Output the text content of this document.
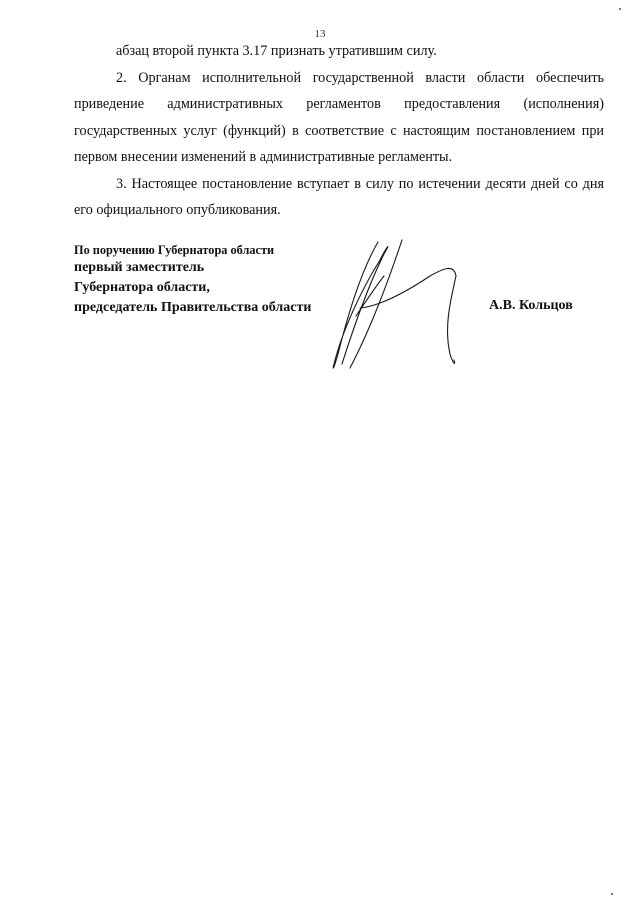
13

абзац второй пункта 3.17 признать утратившим силу.

2. Органам исполнительной государственной власти области обеспечить приведение административных регламентов предоставления (исполнения) государственных услуг (функций) в соответствие с настоящим постановлением при первом внесении изменений в административные регламенты.

3. Настоящее постановление вступает в силу по истечении десяти дней со дня его официального опубликования.

По поручению Губернатора области
первый заместитель
Губернатора области,
председатель Правительства области	А.В. Кольцов
